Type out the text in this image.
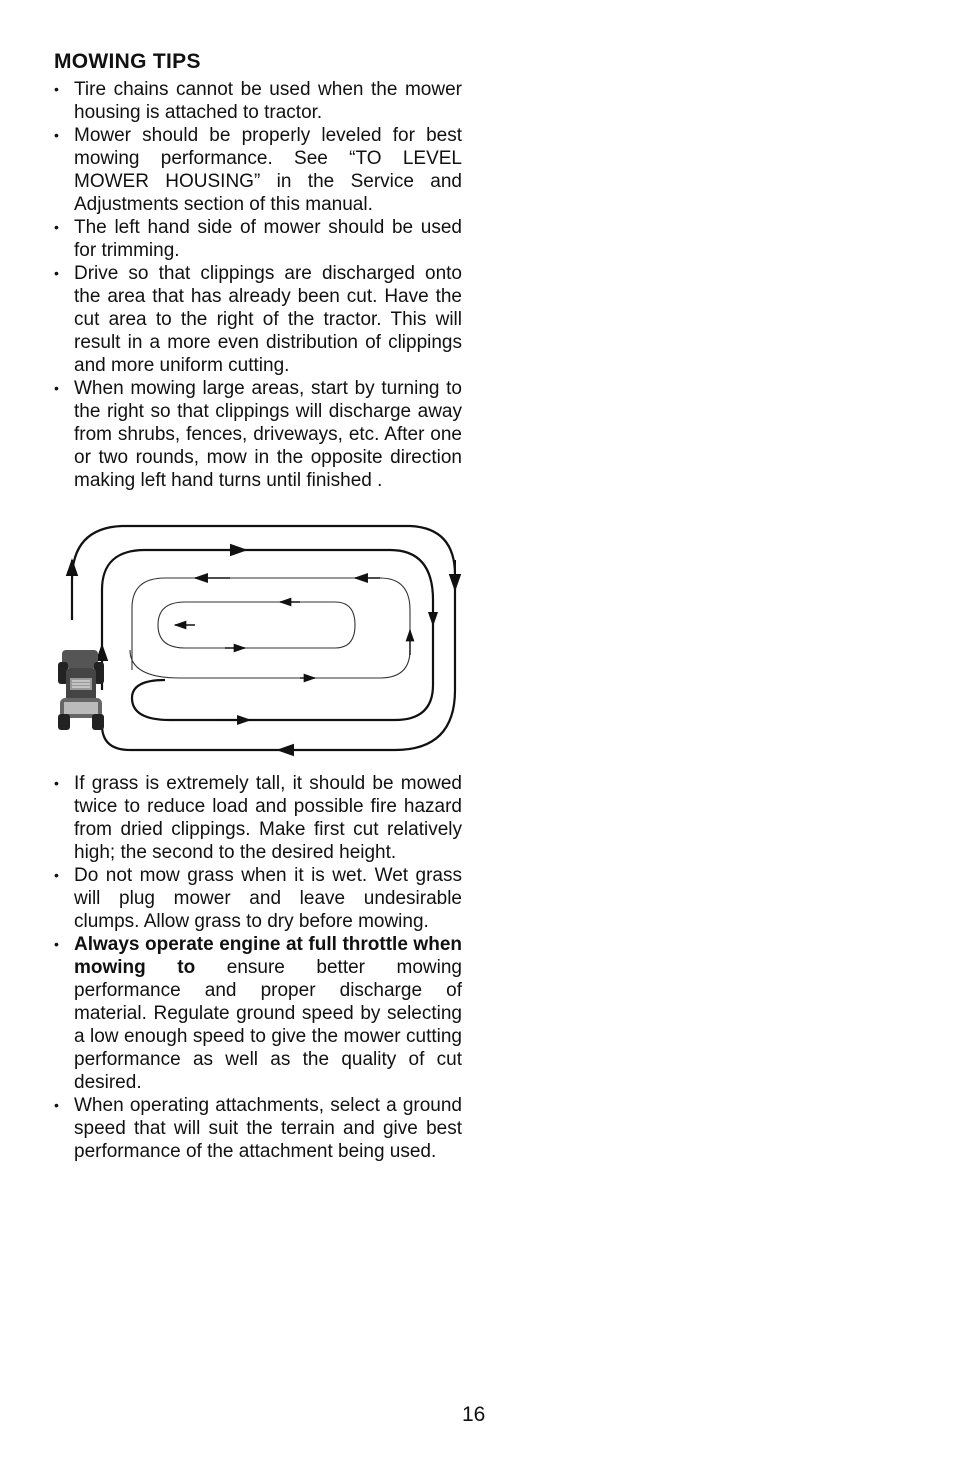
MOWING TIPS
• Tire chains cannot be used when the mower housing is attached to tractor.
• Mower should be properly leveled for best mowing performance. See “TO LEVEL MOWER HOUSING” in the Service and Adjustments section of this manual.
• The left hand side of mower should be used for trimming.
• Drive so that clippings are discharged onto the area that has already been cut. Have the cut area to the right of the tractor. This will result in a more even distribution of clippings and more uniform cutting.
• When mowing large areas, start by turning to the right so that clippings will discharge away from shrubs, fences, driveways, etc. After one or two rounds, mow in the opposite direction making left hand turns until finished .
• If grass is extremely tall, it should be mowed twice to reduce load and possible fire hazard from dried clippings. Make first cut relatively high; the second to the desired height.
• Do not mow grass when it is wet. Wet grass will plug mower and leave undesirable clumps. Allow grass to dry before mowing.
• Always operate engine at full throttle when mowing to ensure better mowing performance and proper discharge of material. Regulate ground speed by selecting a low enough speed to give the mower cutting performance as well as the quality of cut desired.
• When operating attachments, select a ground speed that will suit the terrain and give best performance of the attachment being used.
16
